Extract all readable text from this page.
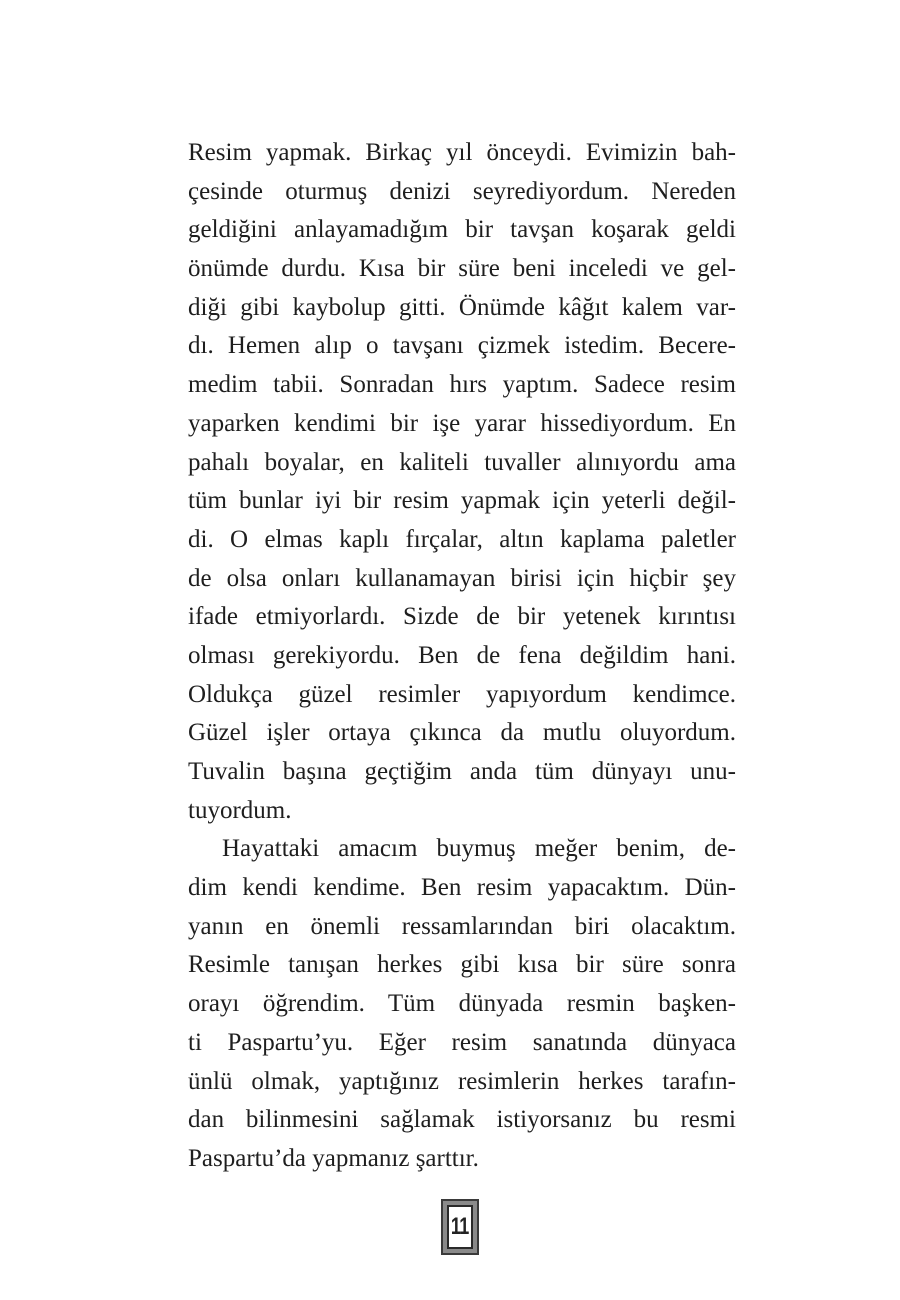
Resim yapmak. Birkaç yıl önceydi. Evimizin bah-
çesinde oturmuş denizi seyrediyordum. Nereden
geldiğini anlayamadığım bir tavşan koşarak geldi
önümde durdu. Kısa bir süre beni inceledi ve gel-
diği gibi kaybolup gitti. Önümde kâğıt kalem var-
dı. Hemen alıp o tavşanı çizmek istedim. Becere-
medim tabii. Sonradan hırs yaptım. Sadece resim
yaparken kendimi bir işe yarar hissediyordum. En
pahalı boyalar, en kaliteli tuvaller alınıyordu ama
tüm bunlar iyi bir resim yapmak için yeterli değil-
di. O elmas kaplı fırçalar, altın kaplama paletler
de olsa onları kullanamayan birisi için hiçbir şey
ifade etmiyorlardı. Sizde de bir yetenek kırıntısı
olması gerekiyordu. Ben de fena değildim hani.
Oldukça güzel resimler yapıyordum kendimce.
Güzel işler ortaya çıkınca da mutlu oluyordum.
Tuvalin başına geçtiğim anda tüm dünyayı unu-
tuyordum.
Hayattaki amacım buymuş meğer benim, de-
dim kendi kendime. Ben resim yapacaktım. Dün-
yanın en önemli ressamlarından biri olacaktım.
Resimle tanışan herkes gibi kısa bir süre sonra
orayı öğrendim. Tüm dünyada resmin başken-
ti Paspartu’yu. Eğer resim sanatında dünyaca
ünlü olmak, yaptığınız resimlerin herkes tarafın-
dan bilinmesini sağlamak istiyorsanız bu resmi
Paspartu’da yapmanız şarttır.
11
